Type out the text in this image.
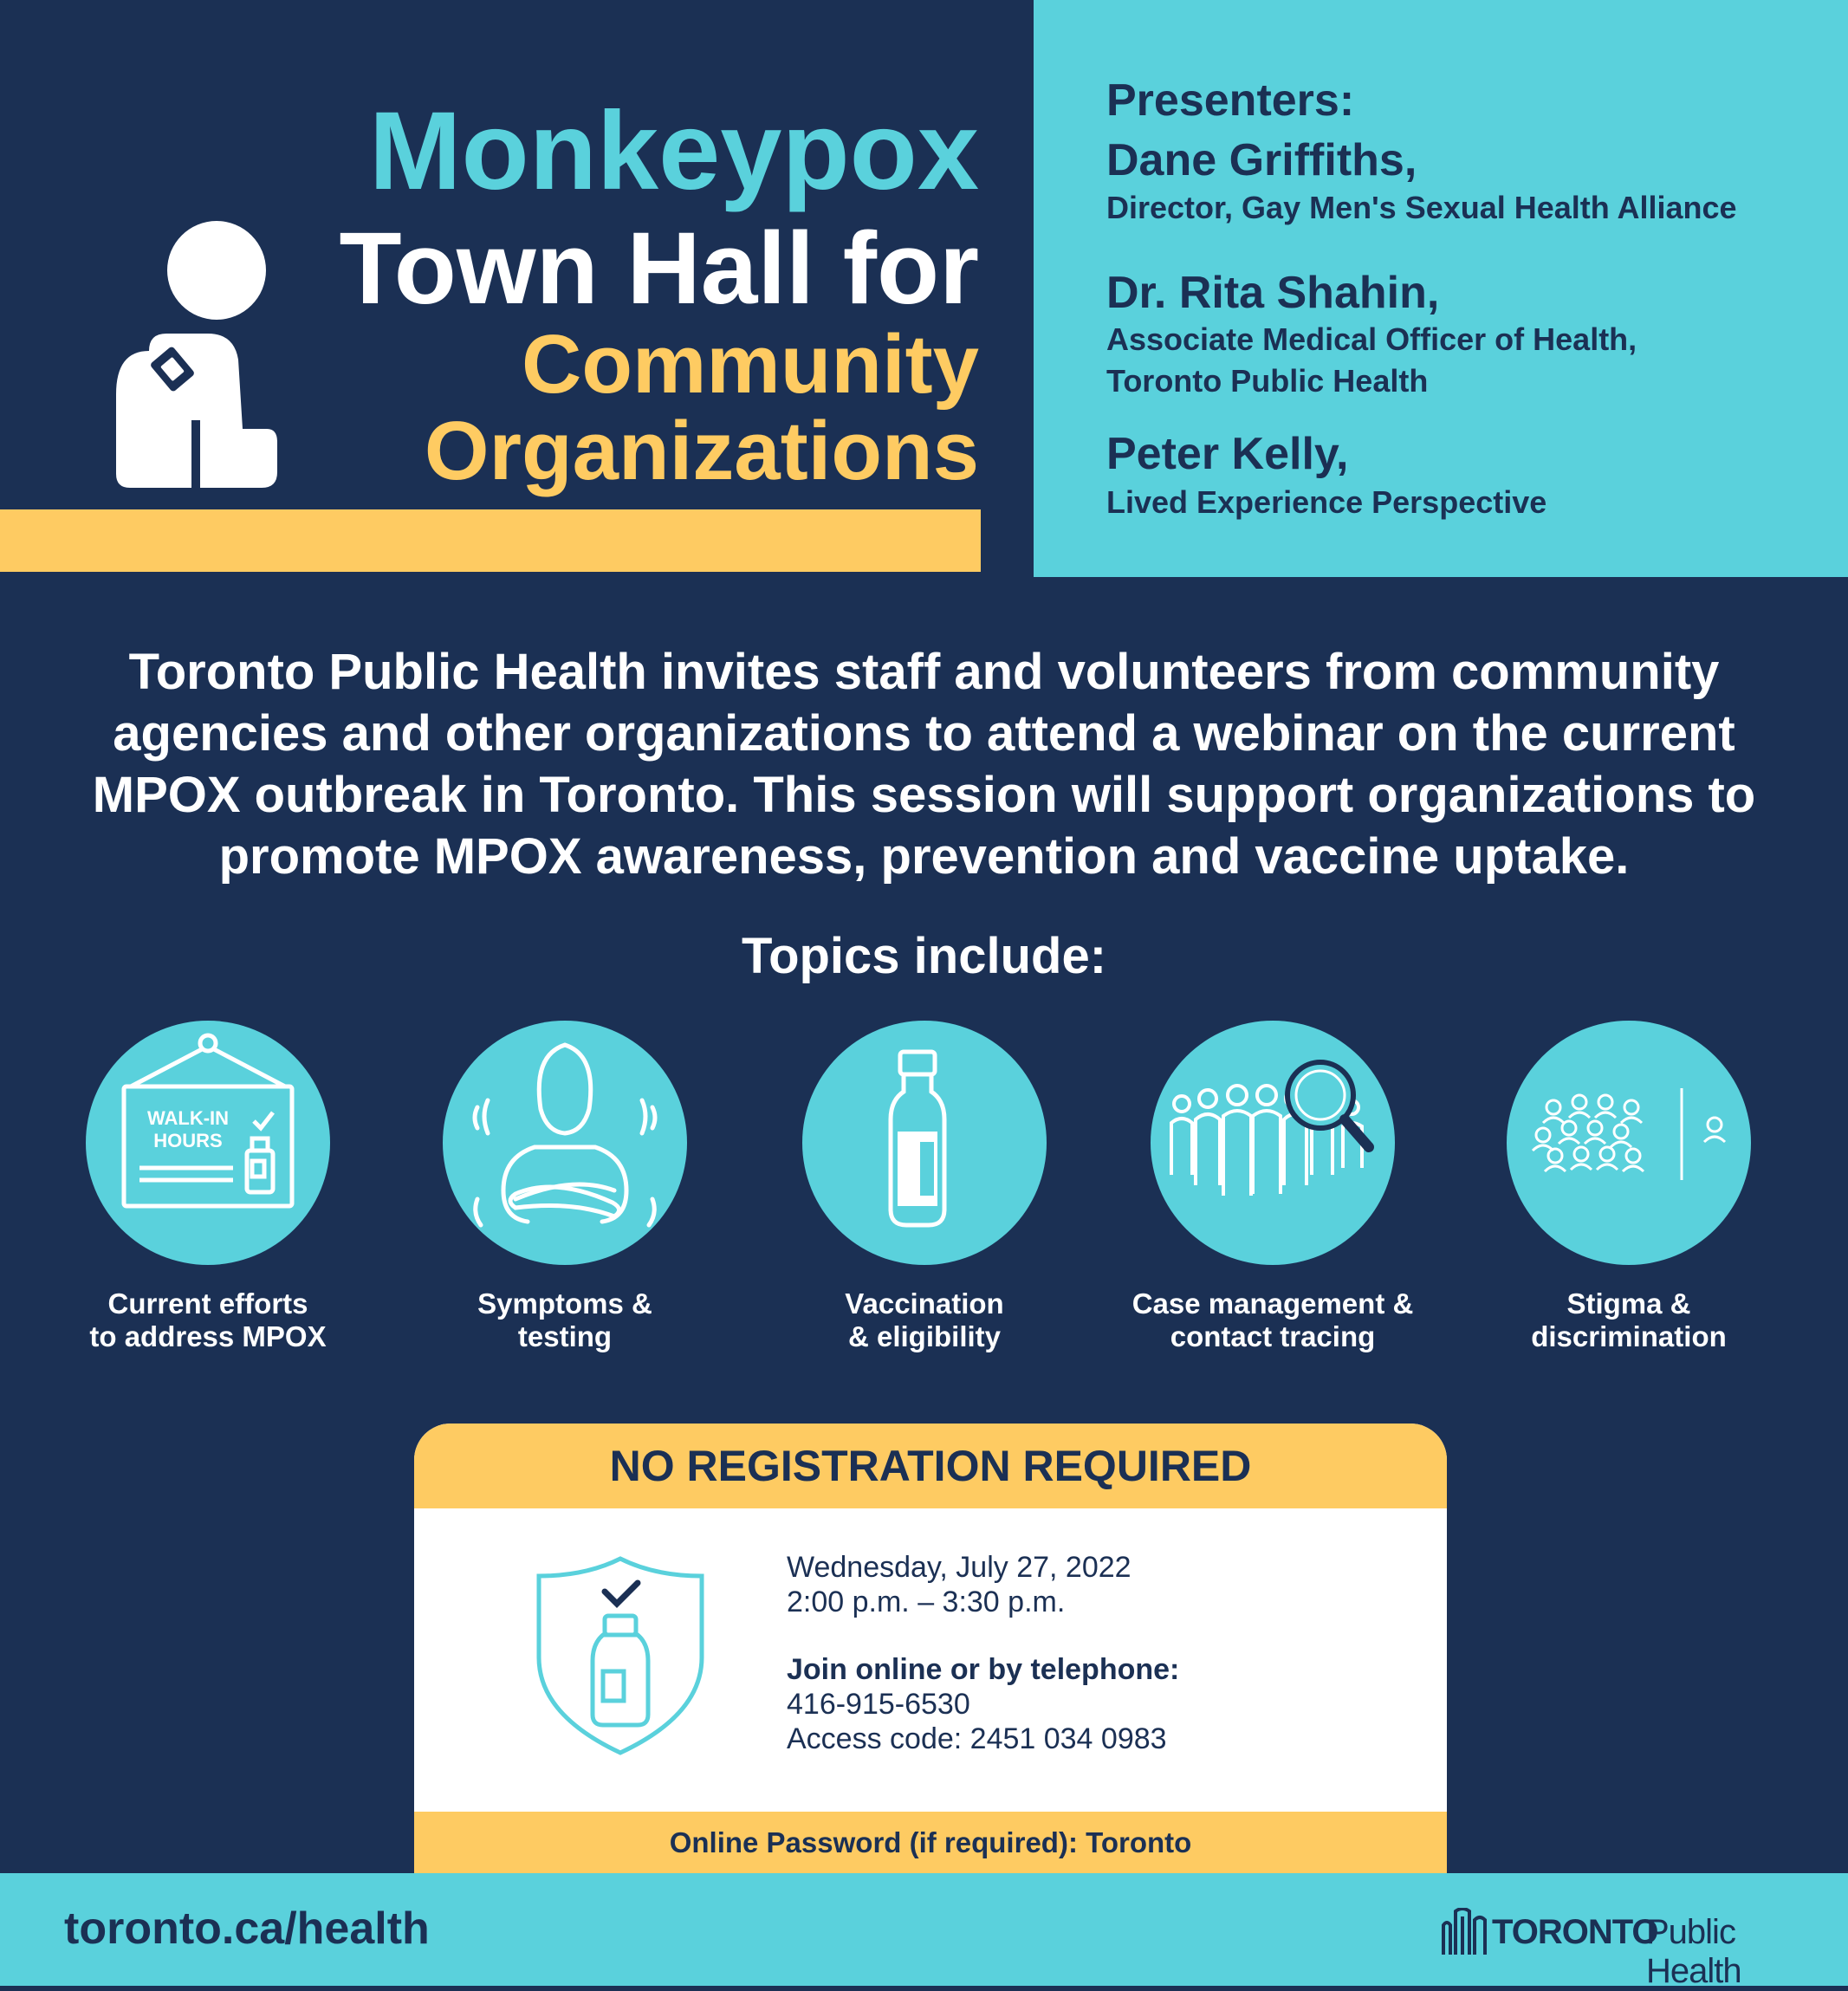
Monkeypox
Town Hall for
Community
Organizations
Presenters:
Dane Griffiths,
Director, Gay Men's Sexual Health Alliance
Dr. Rita Shahin,
Associate Medical Officer of Health,
Toronto Public Health
Peter Kelly,
Lived Experience Perspective
Toronto Public Health invites staff and volunteers from community
agencies and other organizations to attend a webinar on the current
MPOX outbreak in Toronto. This session will support organizations to
promote MPOX awareness, prevention and vaccine uptake.
Topics include:
WALK-IN
HOURS
Current efforts
to address MPOX
Symptoms &
testing
Vaccination
& eligibility
Case management &
contact tracing
Stigma &
discrimination
NO REGISTRATION REQUIRED
Wednesday, July 27, 2022
2:00 p.m. – 3:30 p.m.
Join online or by telephone:
416-915-6530
Access code: 2451 034 0983
Online Password (if required): Toronto
toronto.ca/health	TORONTO
Public Health
